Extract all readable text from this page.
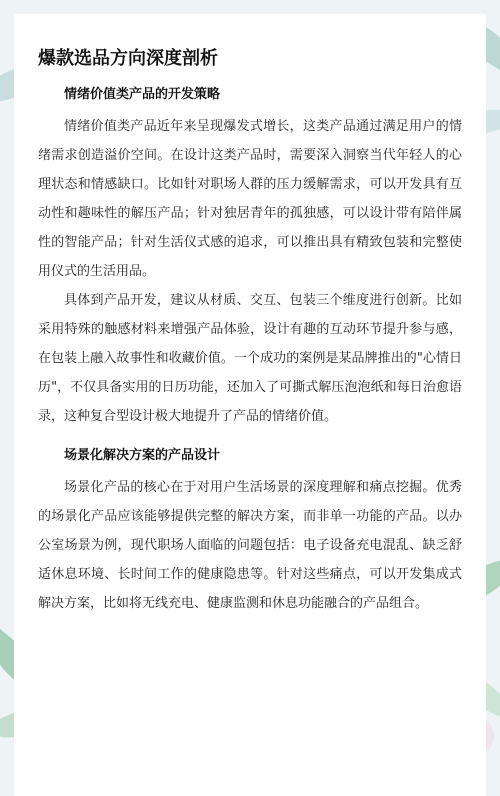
爆款选品方向深度剖析
情绪价值类产品的开发策略

情绪价值类产品近年来呈现爆发式增长，这类产品通过满足用户的情绪需求创造溢价空间。在设计这类产品时，需要深入洞察当代年轻人的心理状态和情感缺口。比如针对职场人群的压力缓解需求，可以开发具有互动性和趣味性的解压产品；针对独居青年的孤独感，可以设计带有陪伴属性的智能产品；针对生活仪式感的追求，可以推出具有精致包装和完整使用仪式的生活用品。

具体到产品开发，建议从材质、交互、包装三个维度进行创新。比如采用特殊的触感材料来增强产品体验，设计有趣的互动环节提升参与感，在包装上融入故事性和收藏价值。一个成功的案例是某品牌推出的"心情日历"，不仅具备实用的日历功能，还加入了可撕式解压泡泡纸和每日治愈语录，这种复合型设计极大地提升了产品的情绪价值。

场景化解决方案的产品设计

场景化产品的核心在于对用户生活场景的深度理解和痛点挖掘。优秀的场景化产品应该能够提供完整的解决方案，而非单一功能的产品。以办公室场景为例，现代职场人面临的问题包括：电子设备充电混乱、缺乏舒适休息环境、长时间工作的健康隐患等。针对这些痛点，可以开发集成式解决方案，比如将无线充电、健康监测和休息功能融合的产品组合。
